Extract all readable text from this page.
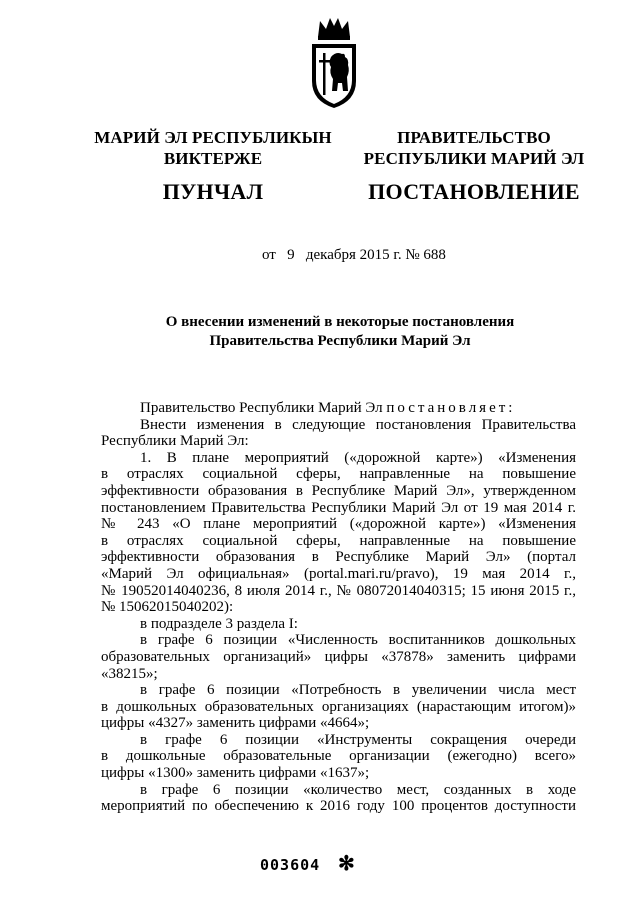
МАРИЙ ЭЛ РЕСПУБЛИКЫН
ВИКТЕРЖЕ
ПУНЧАЛ
ПРАВИТЕЛЬСТВО
РЕСПУБЛИКИ МАРИЙ ЭЛ
ПОСТАНОВЛЕНИЕ
от 9 декабря 2015 г. № 688
О внесении изменений в некоторые постановления
Правительства Республики Марий Эл
Правительство Республики Марий Эл постановляет:
Внести изменения в следующие постановления Правительства
Республики Марий Эл:
1. В плане мероприятий («дорожной карте») «Изменения
в отраслях социальной сферы, направленные на повышение
эффективности образования в Республике Марий Эл», утвержденном
постановлением Правительства Республики Марий Эл от 19 мая 2014 г.
№ 243 «О плане мероприятий («дорожной карте») «Изменения
в отраслях социальной сферы, направленные на повышение
эффективности образования в Республике Марий Эл» (портал
«Марий Эл официальная» (portal.mari.ru/pravo), 19 мая 2014 г.,
№ 19052014040236, 8 июля 2014 г., № 08072014040315; 15 июня 2015 г.,
№ 15062015040202):
в подразделе 3 раздела I:
в графе 6 позиции «Численность воспитанников дошкольных
образовательных организаций» цифры «37878» заменить цифрами
«38215»;
в графе 6 позиции «Потребность в увеличении числа мест
в дошкольных образовательных организациях (нарастающим итогом)»
цифры «4327» заменить цифрами «4664»;
в графе 6 позиции «Инструменты сокращения очереди
в дошкольные образовательные организации (ежегодно) всего»
цифры «1300» заменить цифрами «1637»;
в графе 6 позиции «количество мест, созданных в ходе
мероприятий по обеспечению к 2016 году 100 процентов доступности
003604 ✻
